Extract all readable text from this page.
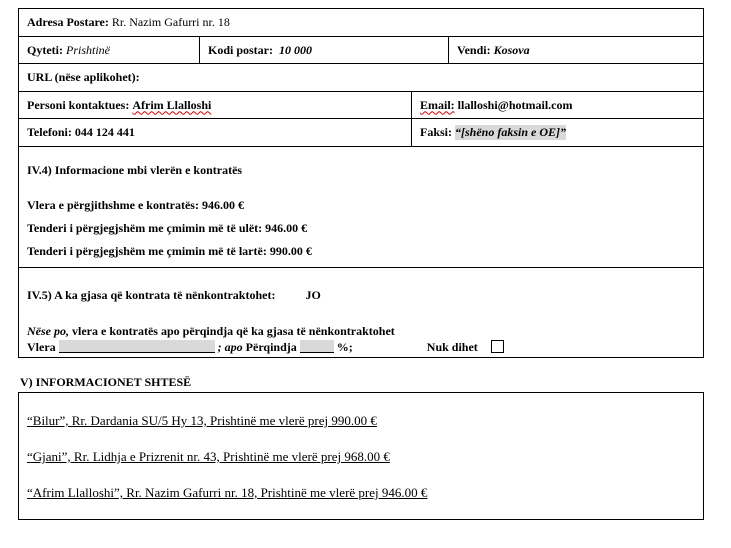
Adresa Postare:
Rr. Nazim Gafurri nr. 18
Qyteti:
Prishtinë	Kodi postar:
10 000	Vendi:
Kosova
URL (nëse aplikohet):
Personi kontaktues:
Afrim Llalloshi	Email:
llalloshi@hotmail.com
Telefoni:
044 124 441	Faksi:
“[shëno faksin e OE]”
IV.4) Informacione mbi vlerën e kontratës
Vlera e përgjithshme e kontratës: 946.00 €
Tenderi i përgjegjshëm me çmimin më të ulët: 946.00 €
Tenderi i përgjegjshëm me çmimin më të lartë: 990.00 €
IV.5) A ka gjasa që kontrata të nënkontraktohet:	JO
Nëse po, vlera e kontratës apo përqindja që ka gjasa të nënkontraktohet
Vlera	; apo Përqindja	%;	Nuk dihet
V) INFORMACIONET SHTESË
“Bilur”, Rr. Dardania SU/5 Hy 13, Prishtinë me vlerë prej 990.00 €
“Gjani”, Rr. Lidhja e Prizrenit nr. 43, Prishtinë me vlerë prej 968.00 €
“Afrim Llalloshi”, Rr. Nazim Gafurri nr. 18, Prishtinë me vlerë prej 946.00 €
